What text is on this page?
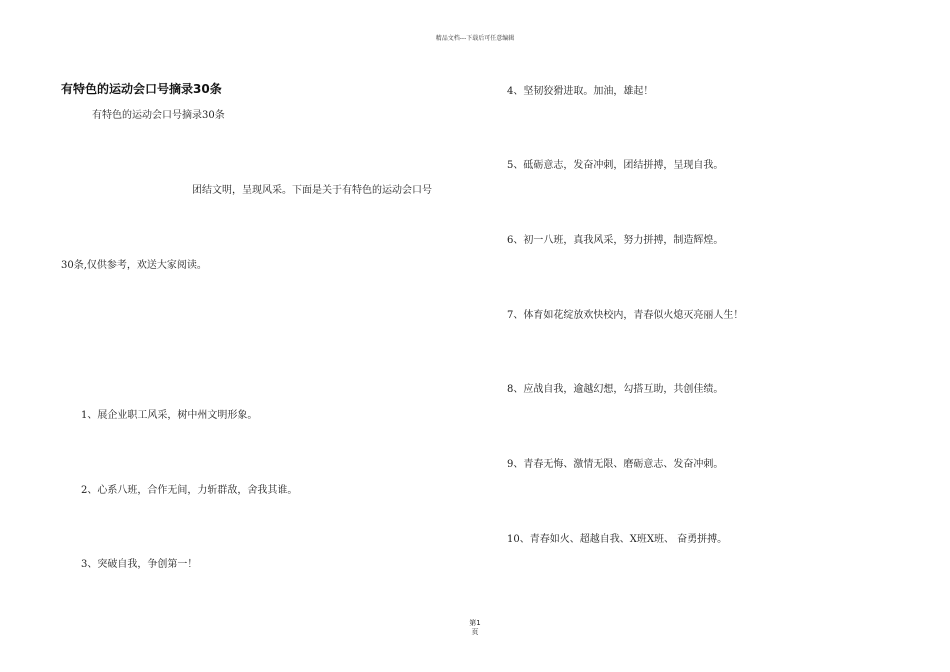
精品文档---下载后可任意编辑
有特色的运动会口号摘录30条
有特色的运动会口号摘录30条
团结文明，呈现风采。下面是关于有特色的运动会口号
30条,仅供参考，欢送大家阅读。
1、展企业职工风采，树中州文明形象。
2、心系八班，合作无间，力斩群敌，舍我其谁。
3、突破自我，争创第一！
4、坚韧狡猾进取。加油，雄起！
5、砥砺意志，发奋冲刺，团结拼搏，呈现自我。
6、初一八班，真我风采，努力拼搏，制造辉煌。
7、体育如花绽放欢快校内，青春似火熄灭亮丽人生！
8、应战自我，逾越幻想，勾搭互助，共创佳绩。
9、青春无悔、激情无限、磨砺意志、发奋冲刺。
10、青春如火、超越自我、X班X班、 奋勇拼搏。
第1
页
